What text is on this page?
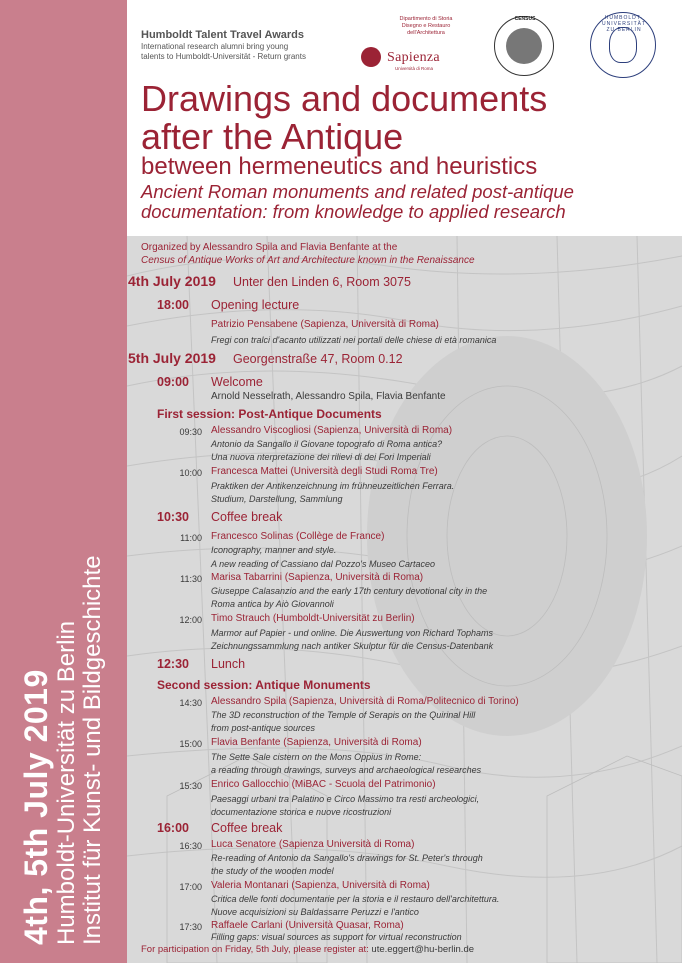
4th, 5th July 2019 Humboldt-Universität zu Berlin Institut für Kunst- und Bildgeschichte
Humboldt Talent Travel Awards
International research alumni bring young
talents to Humboldt-Universität - Return grants
Dipartimento di Storia
Disegno e Restauro
dell'Architettura
Sapienza
Università di Roma
CENSUS	HUMBOLDT-UNIVERSITÄT ZU BERLIN
Drawings and documents
after the Antique
between hermeneutics and heuristics
Ancient Roman monuments and related post-antique
documentation: from knowledge to applied research
Organized by Alessandro Spila and Flavia Benfante at the
Census of Antique Works of Art and Architecture known in the Renaissance
4th July 2019 Unter den Linden 6, Room 3075
18:00 Opening lecture
Patrizio Pensabene (Sapienza, Università di Roma)
Fregi con tralci d'acanto utilizzati nei portali delle chiese di età romanica
5th July 2019 Georgenstraße 47, Room 0.12
09:00 Welcome
Arnold Nesselrath, Alessandro Spila, Flavia Benfante
First session: Post-Antique Documents
09:30 Alessandro Viscogliosi (Sapienza, Università di Roma)
Antonio da Sangallo il Giovane topografo di Roma antica?
Una nuova nterpretazione dei rilievi di dei Fori Imperiali
10:00 Francesca Mattei (Università degli Studi Roma Tre)
Praktiken der Antikenzeichnung im frühneuzeitlichen Ferrara.
Studium, Darstellung, Sammlung
10:30 Coffee break
11:00 Francesco Solinas (Collège de France)
Iconography, manner and style.
A new reading of Cassiano dal Pozzo's Museo Cartaceo
11:30 Marisa Tabarrini (Sapienza, Università di Roma)
Giuseppe Calasanzio and the early 17th century devotional city in the
Roma antica by Aiò Giovannoli
12:00 Timo Strauch (Humboldt-Universität zu Berlin)
Marmor auf Papier - und online. Die Auswertung von Richard Tophams
Zeichnungssammlung nach antiker Skulptur für die Census-Datenbank
12:30 Lunch
Second session: Antique Monuments
14:30 Alessandro Spila (Sapienza, Università di Roma/Politecnico di Torino)
The 3D reconstruction of the Temple of Serapis on the Quirinal Hill
from post-antique sources
15:00 Flavia Benfante (Sapienza, Università di Roma)
The Sette Sale cistern on the Mons Oppius in Rome:
a reading through drawings, surveys and archaeological researches
15:30 Enrico Gallocchio (MiBAC - Scuola del Patrimonio)
Paesaggi urbani tra Palatino e Circo Massimo tra resti archeologici,
documentazione storica e nuove ricostruzioni
16:00 Coffee break
16:30 Luca Senatore (Sapienza Università di Roma)
Re-reading of Antonio da Sangallo's drawings for St. Peter's through
the study of the wooden model
17:00 Valeria Montanari (Sapienza, Università di Roma)
Critica delle fonti documentarie per la storia e il restauro dell'architettura.
Nuove acquisizioni su Baldassarre Peruzzi e l'antico
17:30 Raffaele Carlani (Università Quasar, Roma)
Filling gaps: visual sources as support for virtual reconstruction
For participation on Friday, 5th July, please register at: ute.eggert@hu-berlin.de
